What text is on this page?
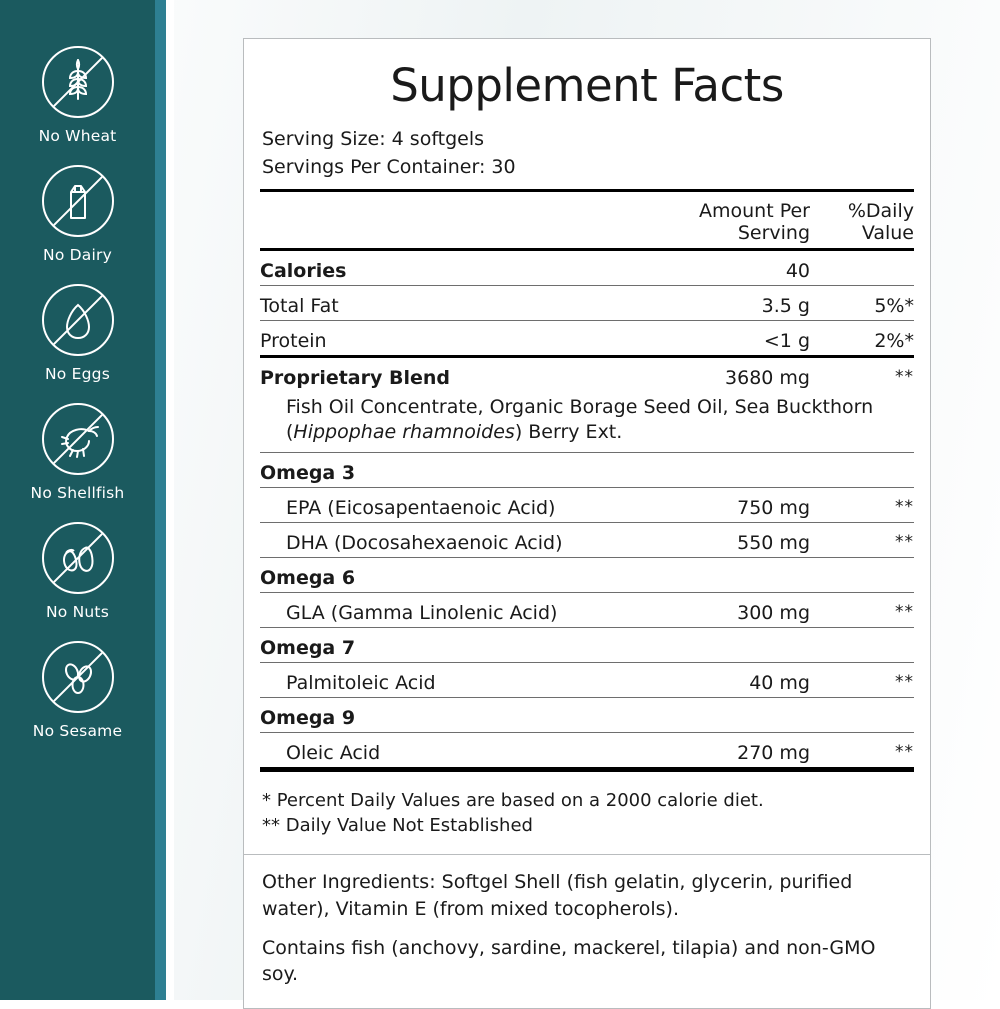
No Wheat
No Dairy
No Eggs
No Shellfish
No Nuts
No Sesame
Supplement Facts
Serving Size: 4 softgels
Servings Per Container: 30

Amount Per
Serving

%Daily
Value

Calories	40	

Total Fat	3.5 g	5%*

Protein	<1 g	2%*

Proprietary Blend	3680 mg	**
Fish Oil Concentrate, Organic Borage Seed Oil, Sea Buckthorn (Hippophae rhamnoides) Berry Ext.		

Omega 3		

EPA (Eicosapentaenoic Acid)	750 mg	**

DHA (Docosahexaenoic Acid)	550 mg	**

Omega 6		

GLA (Gamma Linolenic Acid)	300 mg	**

Omega 7		

Palmitoleic Acid	40 mg	**

Omega 9		

Oleic Acid	270 mg	**

* Percent Daily Values are based on a 2000 calorie diet.
** Daily Value Not Established

Other Ingredients: Softgel Shell (fish gelatin, glycerin, purified water), Vitamin E (from mixed tocopherols).

Contains fish (anchovy, sardine, mackerel, tilapia) and non-GMO soy.
